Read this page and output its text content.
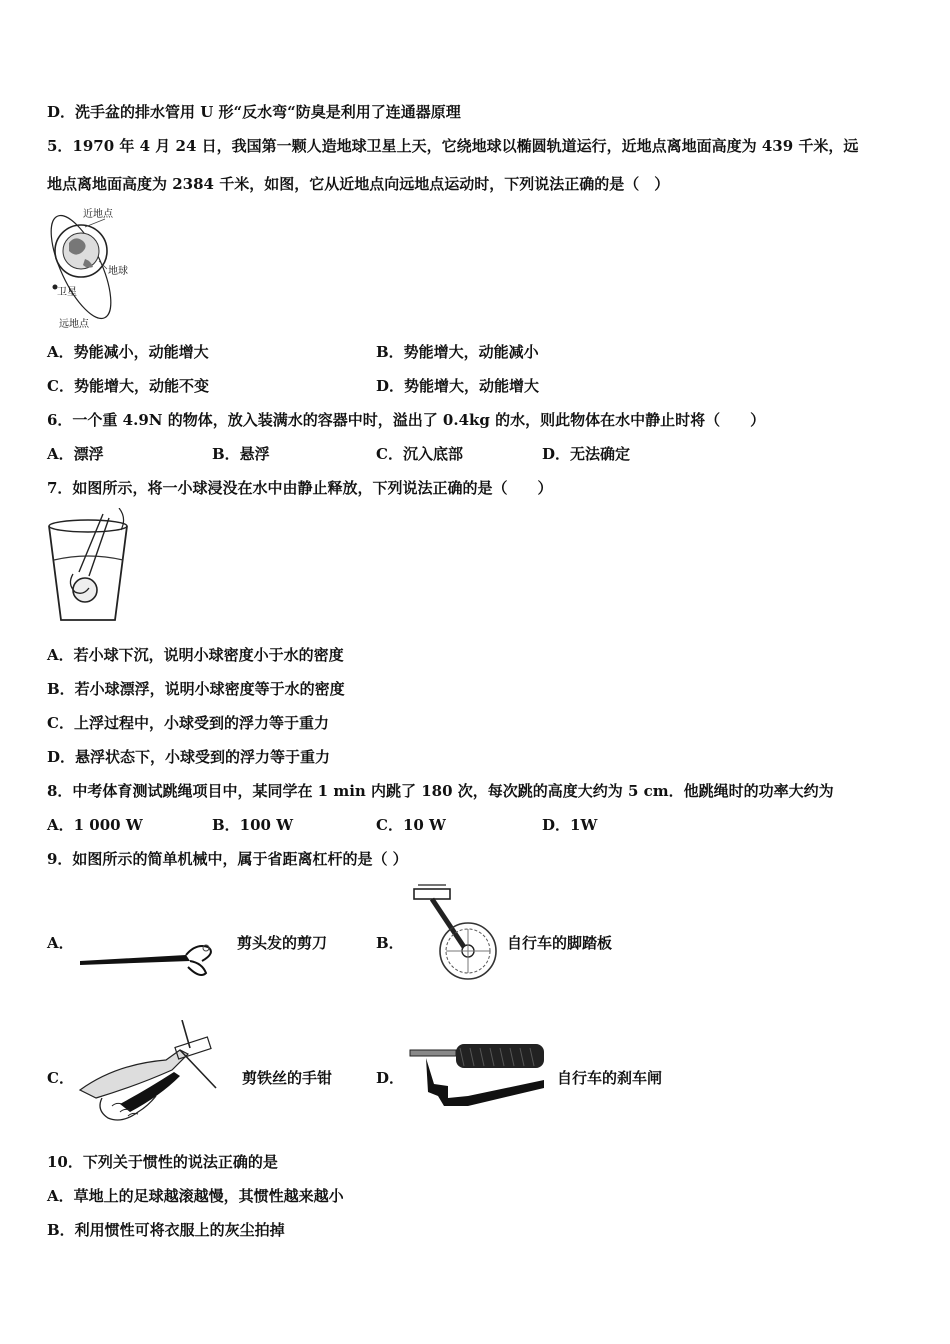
D．洗手盆的排水管用 U 形“反水弯“防臭是利用了连通器原理
5．1970 年 4 月 24 日，我国第一颗人造地球卫星上天，它绕地球以椭圆轨道运行，近地点离地面高度为 439 千米，远
地点离地面高度为 2384 千米，如图，它从近地点向远地点运动时，下列说法正确的是（　）
近地点
地球
卫星
远地点
A．势能减小，动能增大	B．势能增大，动能减小
C．势能增大，动能不变	D．势能增大，动能增大
6．一个重 4.9N 的物体，放入装满水的容器中时，溢出了 0.4kg 的水，则此物体在水中静止时将（　　）
A．漂浮	B．悬浮	C．沉入底部	D．无法确定
7．如图所示，将一小球浸没在水中由静止释放，下列说法正确的是（　　）
A．若小球下沉，说明小球密度小于水的密度
B．若小球漂浮，说明小球密度等于水的密度
C．上浮过程中，小球受到的浮力等于重力
D．悬浮状态下，小球受到的浮力等于重力
8．中考体育测试跳绳项目中，某同学在 1 min 内跳了 180 次，每次跳的高度大约为 5 cm．他跳绳时的功率大约为
A．1 000 W	B．100 W	C．10 W	D．1W
9．如图所示的简单机械中，属于省距离杠杆的是（ ）
A．	剪头发的剪刀	B．	自行车的脚踏板
C．	剪铁丝的手钳	D．	自行车的刹车闸
10．下列关于惯性的说法正确的是
A．草地上的足球越滚越慢，其惯性越来越小
B．利用惯性可将衣服上的灰尘拍掉
